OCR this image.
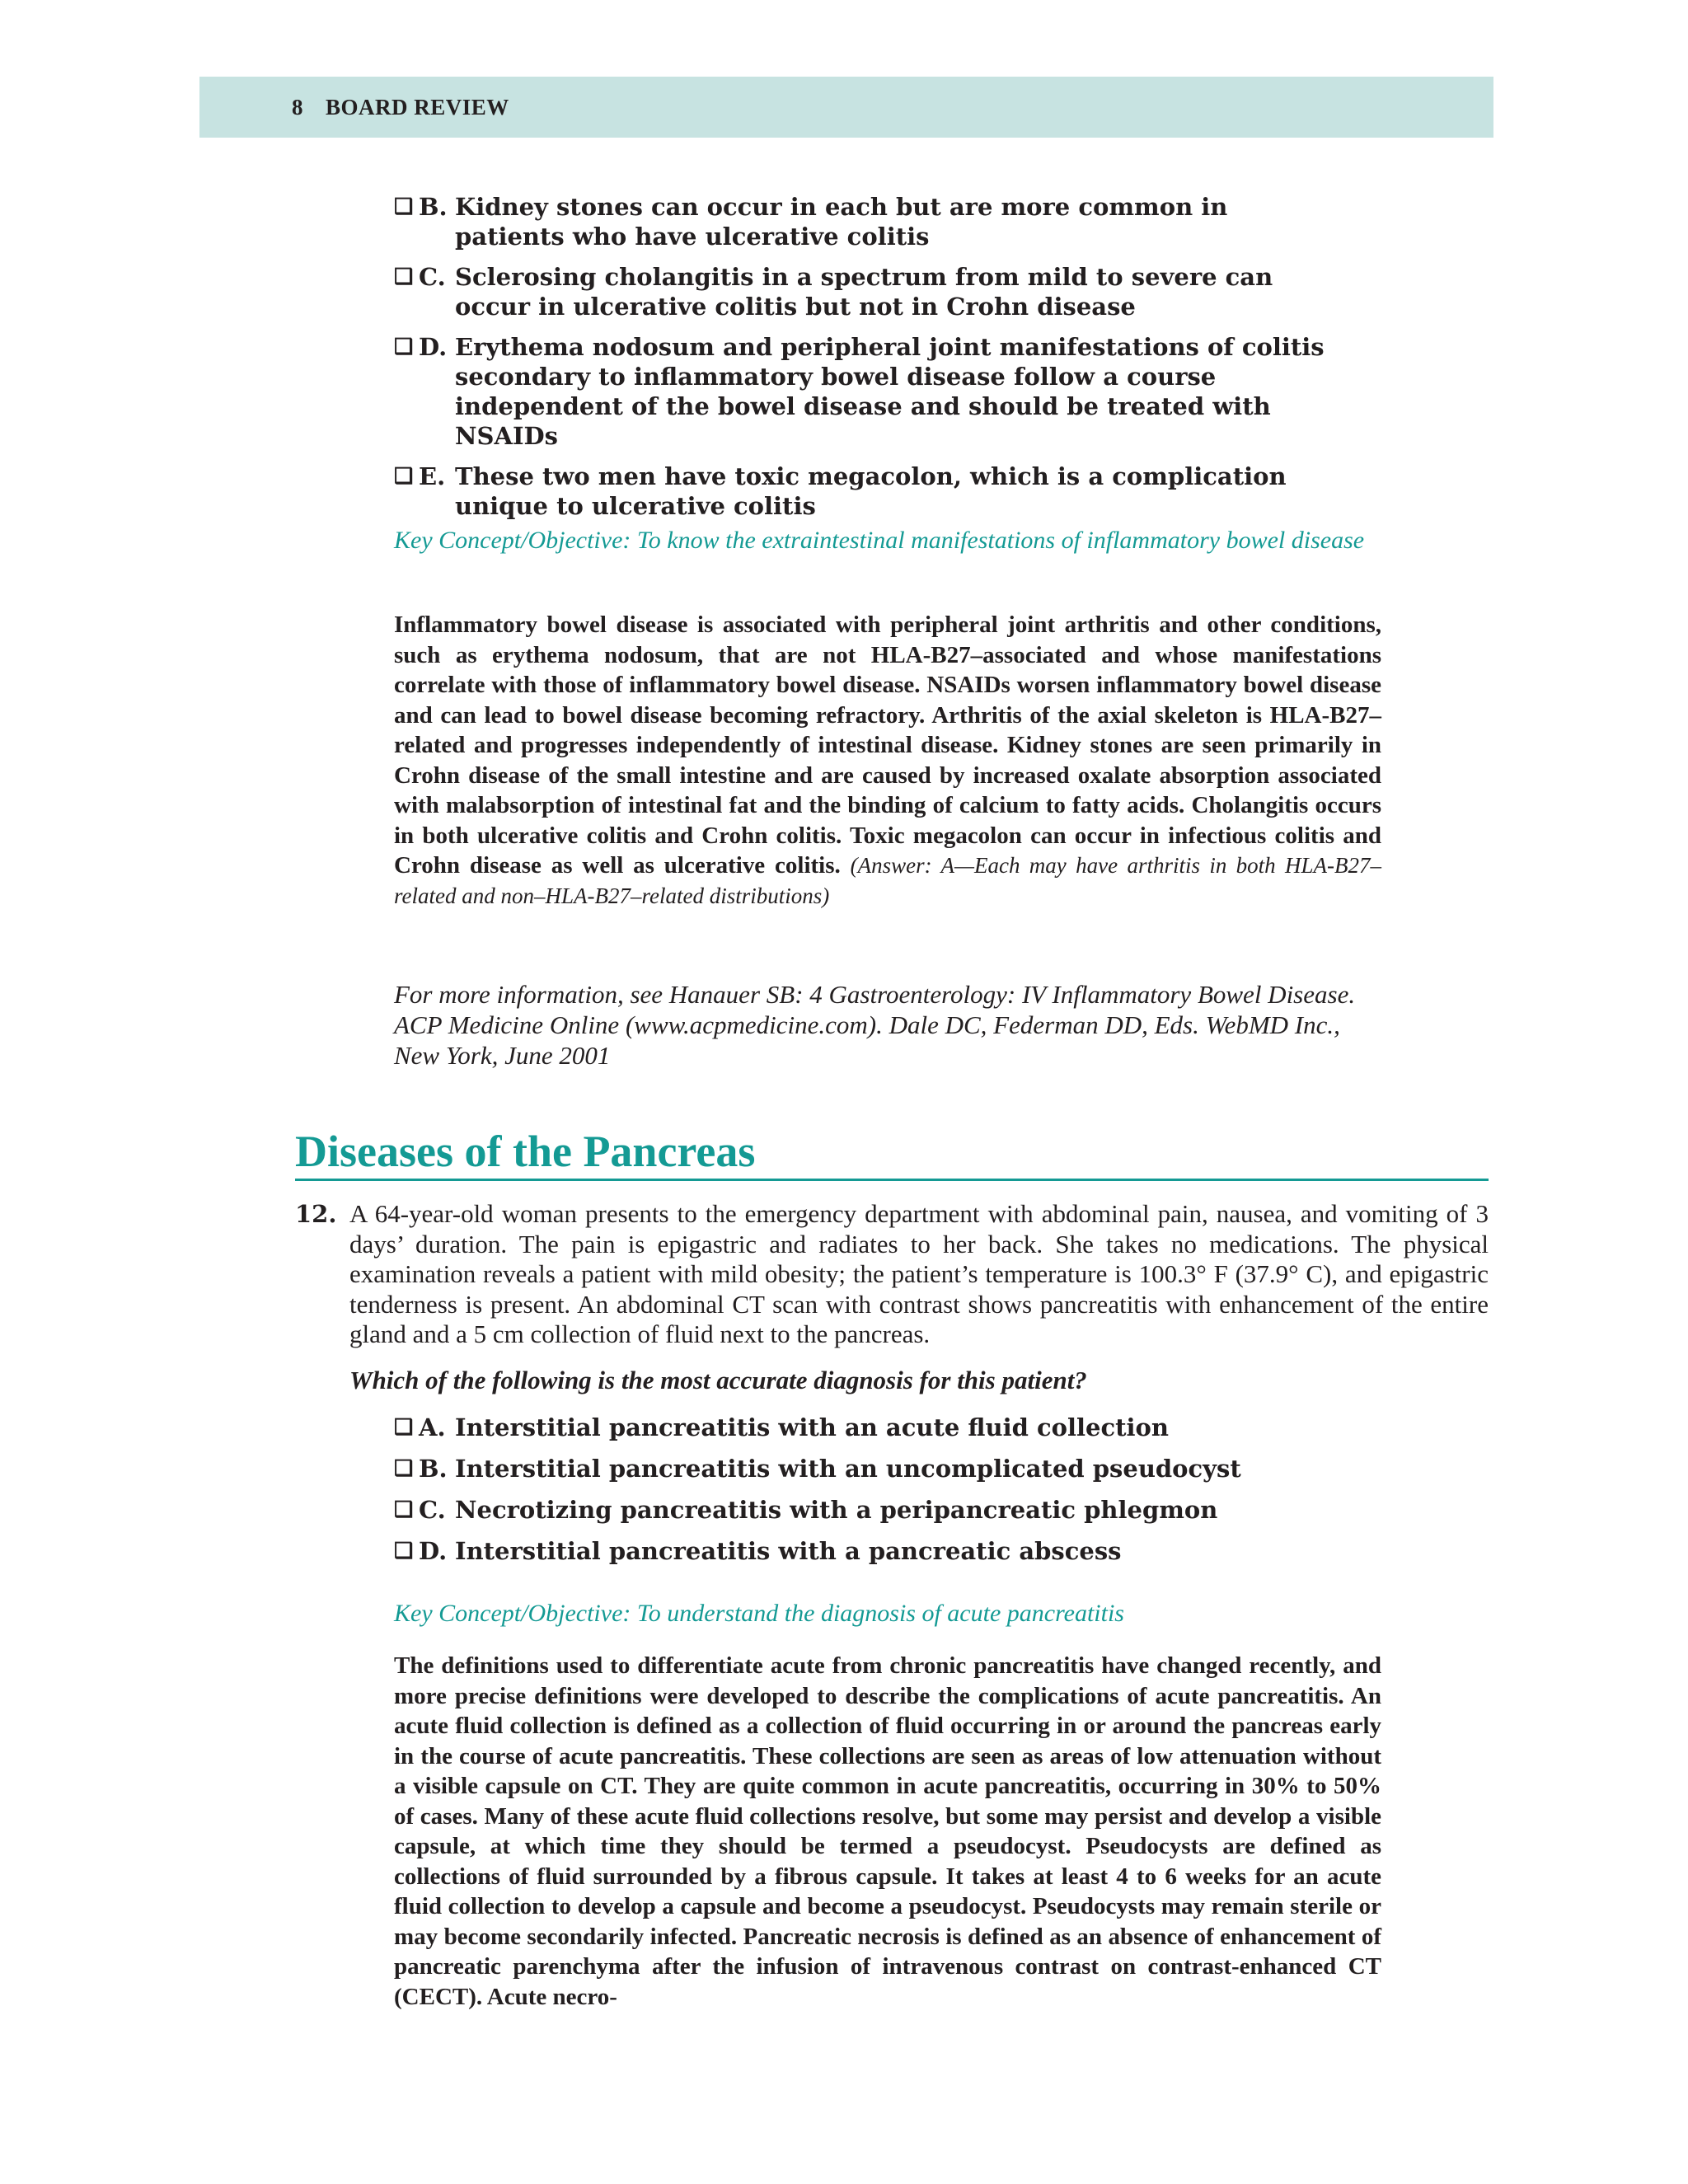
8 BOARD REVIEW
❑ B. Kidney stones can occur in each but are more common in patients who have ulcerative colitis
❑ C. Sclerosing cholangitis in a spectrum from mild to severe can occur in ulcerative colitis but not in Crohn disease
❑ D. Erythema nodosum and peripheral joint manifestations of colitis secondary to inflammatory bowel disease follow a course independent of the bowel disease and should be treated with NSAIDs
❑ E. These two men have toxic megacolon, which is a complication unique to ulcerative colitis
Key Concept/Objective: To know the extraintestinal manifestations of inflammatory bowel disease
Inflammatory bowel disease is associated with peripheral joint arthritis and other conditions, such as erythema nodosum, that are not HLA-B27–associated and whose manifestations correlate with those of inflammatory bowel disease. NSAIDs worsen inflammatory bowel disease and can lead to bowel disease becoming refractory. Arthritis of the axial skeleton is HLA-B27–related and progresses independently of intestinal disease. Kidney stones are seen primarily in Crohn disease of the small intestine and are caused by increased oxalate absorption associated with malabsorption of intestinal fat and the binding of calcium to fatty acids. Cholangitis occurs in both ulcerative colitis and Crohn colitis. Toxic megacolon can occur in infectious colitis and Crohn disease as well as ulcerative colitis. (Answer: A—Each may have arthritis in both HLA-B27–related and non–HLA-B27–related distributions)
For more information, see Hanauer SB: 4 Gastroenterology: IV Inflammatory Bowel Disease. ACP Medicine Online (www.acpmedicine.com). Dale DC, Federman DD, Eds. WebMD Inc., New York, June 2001
Diseases of the Pancreas
12. A 64-year-old woman presents to the emergency department with abdominal pain, nausea, and vomiting of 3 days’ duration. The pain is epigastric and radiates to her back. She takes no medications. The physical examination reveals a patient with mild obesity; the patient’s temperature is 100.3° F (37.9° C), and epigastric tenderness is present. An abdominal CT scan with contrast shows pancreatitis with enhancement of the entire gland and a 5 cm collection of fluid next to the pancreas.
Which of the following is the most accurate diagnosis for this patient?
❑ A. Interstitial pancreatitis with an acute fluid collection
❑ B. Interstitial pancreatitis with an uncomplicated pseudocyst
❑ C. Necrotizing pancreatitis with a peripancreatic phlegmon
❑ D. Interstitial pancreatitis with a pancreatic abscess
Key Concept/Objective: To understand the diagnosis of acute pancreatitis
The definitions used to differentiate acute from chronic pancreatitis have changed recently, and more precise definitions were developed to describe the complications of acute pancreatitis. An acute fluid collection is defined as a collection of fluid occurring in or around the pancreas early in the course of acute pancreatitis. These collections are seen as areas of low attenuation without a visible capsule on CT. They are quite common in acute pancreatitis, occurring in 30% to 50% of cases. Many of these acute fluid collections resolve, but some may persist and develop a visible capsule, at which time they should be termed a pseudocyst. Pseudocysts are defined as collections of fluid surrounded by a fibrous capsule. It takes at least 4 to 6 weeks for an acute fluid collection to develop a capsule and become a pseudocyst. Pseudocysts may remain sterile or may become secondarily infected. Pancreatic necrosis is defined as an absence of enhancement of pancreatic parenchyma after the infusion of intravenous contrast on contrast-enhanced CT (CECT). Acute necro-
